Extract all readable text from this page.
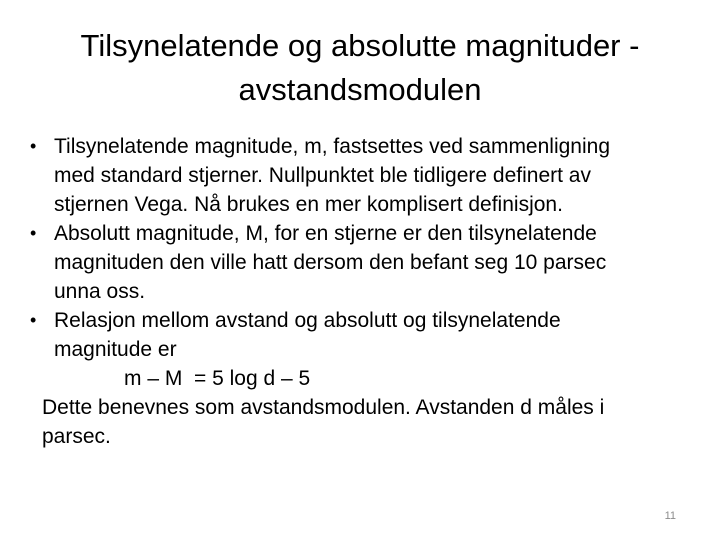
Tilsynelatende og absolutte magnituder -
avstandsmodulen
• Tilsynelatende magnitude, m, fastsettes ved sammenligning
med standard stjerner. Nullpunktet ble tidligere definert av
stjernen Vega. Nå brukes en mer komplisert definisjon.
• Absolutt magnitude, M, for en stjerne er den tilsynelatende
magnituden den ville hatt dersom den befant seg 10 parsec
unna oss.
• Relasjon mellom avstand og absolutt og tilsynelatende
magnitude er
m – M  = 5 log d – 5
Dette benevnes som avstandsmodulen. Avstanden d måles i
parsec.
11
